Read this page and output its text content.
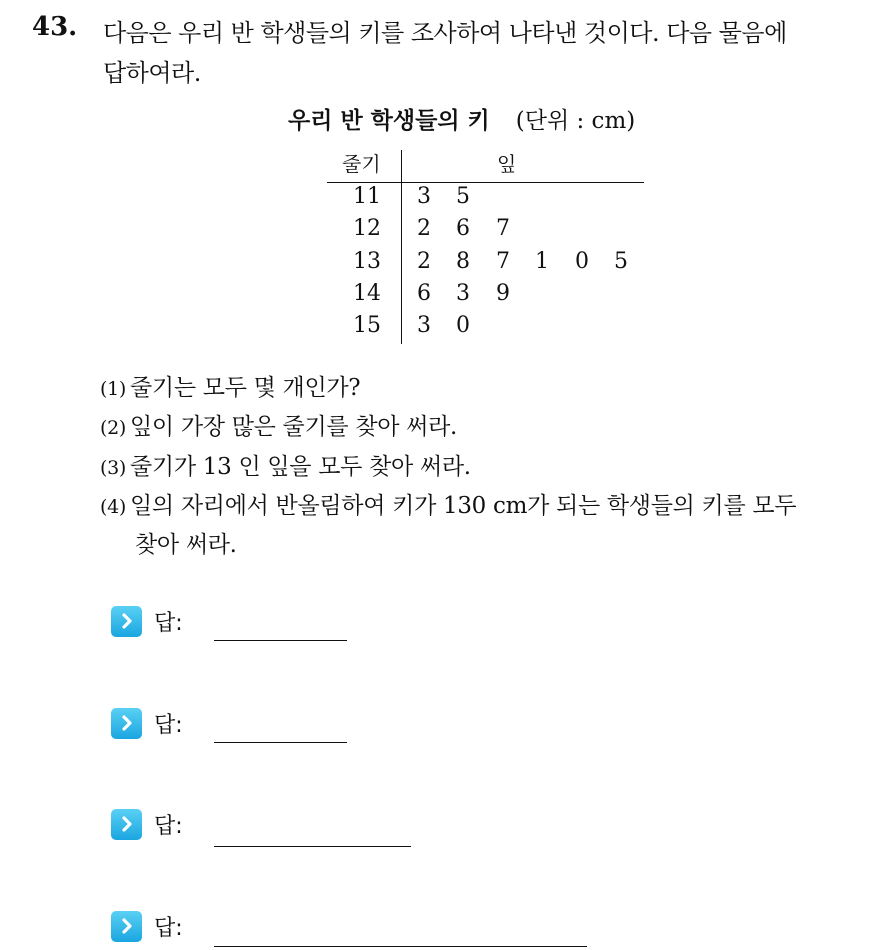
43. 다음은 우리 반 학생들의 키를 조사하여 나타낸 것이다. 다음 물음에
답하여라.
우리 반 학생들의 키 (단위 : cm)
줄기	잎
11 3 5
12 2 6 7
13 2 8 7 1 0 5
14 6 3 9
15 3 0
(1) 줄기는 모두 몇 개인가?
(2) 잎이 가장 많은 줄기를 찾아 써라.
(3) 줄기가 13 인 잎을 모두 찾아 써라.
(4) 일의 자리에서 반올림하여 키가 130 cm가 되는 학생들의 키를 모두
찾아 써라.
답:
답:
답:
답:
